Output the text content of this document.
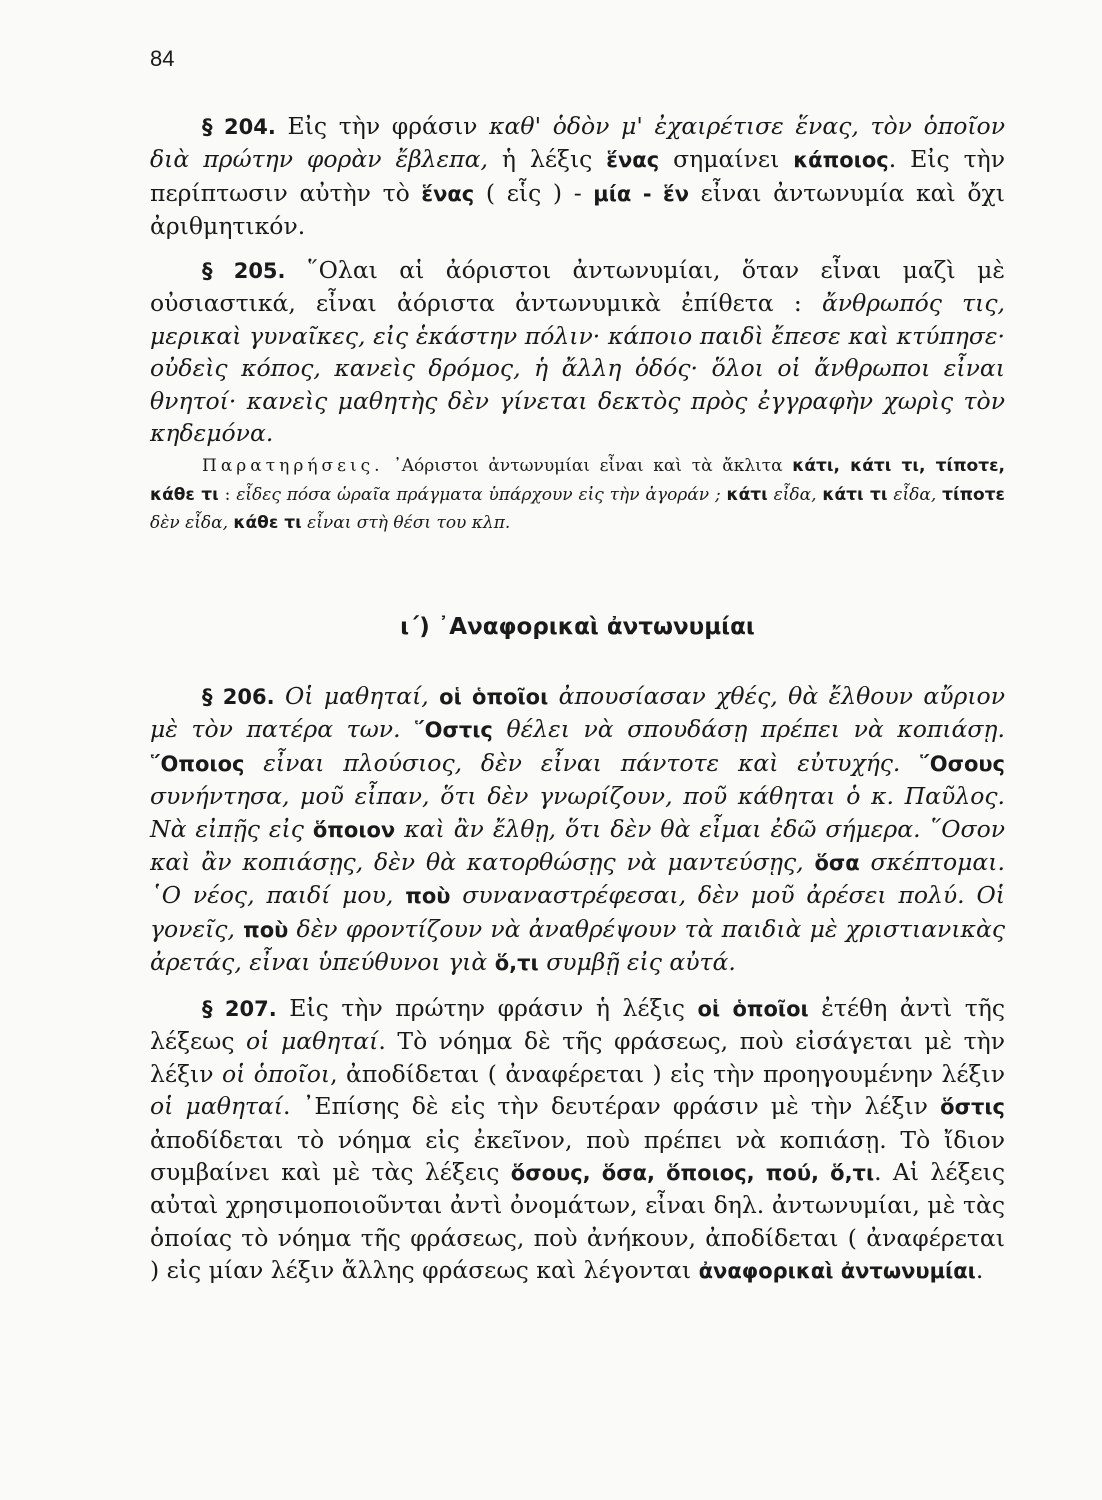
84

§ 204. Εἰς τὴν φράσιν καθ' ὁδὸν μ' ἐχαιρέτισε ἕνας, τὸν ὁποῖον διὰ πρώτην φορὰν ἔβλεπα, ἡ λέξις ἕνας σημαίνει κάποιος. Εἰς τὴν περίπτωσιν αὐτὴν τὸ ἕνας ( εἷς ) - μία - ἕν εἶναι ἀντωνυμία καὶ ὄχι ἀριθμητικόν.

§ 205. ῞Ολαι αἱ ἀόριστοι ἀντωνυμίαι, ὅταν εἶναι μαζὶ μὲ οὐσιαστικά, εἶναι ἀόριστα ἀντωνυμικὰ ἐπίθετα : ἄνθρωπός τις, μερικαὶ γυναῖκες, εἰς ἑκάστην πόλιν· κάποιο παιδὶ ἔπεσε καὶ κτύπησε· οὐδεὶς κόπος, κανεὶς δρόμος, ἡ ἄλλη ὁδός· ὅλοι οἱ ἄνθρωποι εἶναι θνητοί· κανεὶς μαθητὴς δὲν γίνεται δεκτὸς πρὸς ἐγγραφὴν χωρὶς τὸν κηδεμόνα.

Παρατηρήσεις. ᾿Αόριστοι ἀντωνυμίαι εἶναι καὶ τὰ ἄκλιτα κάτι, κάτι τι, τίποτε, κάθε τι : εἶδες πόσα ὡραῖα πράγματα ὑπάρχουν εἰς τὴν ἀγοράν ; κάτι εἶδα, κάτι τι εἶδα, τίποτε δὲν εἶδα, κάθε τι εἶναι στὴ θέσι του κλπ.

ι΄) ᾿Αναφορικαὶ ἀντωνυμίαι

§ 206. Οἱ μαθηταί, οἱ ὁποῖοι ἀπουσίασαν χθές, θὰ ἔλθουν αὔριον μὲ τὸν πατέρα των. ῞Οστις θέλει νὰ σπουδάσῃ πρέπει νὰ κοπιάσῃ. ῞Οποιος εἶναι πλούσιος, δὲν εἶναι πάντοτε καὶ εὐτυχής. ῞Οσους συνήντησα, μοῦ εἶπαν, ὅτι δὲν γνωρίζουν, ποῦ κάθηται ὁ κ. Παῦλος. Νὰ εἰπῇς εἰς ὅποιον καὶ ἂν ἔλθῃ, ὅτι δὲν θὰ εἶμαι ἐδῶ σήμερα. ῞Οσον καὶ ἂν κοπιάσῃς, δὲν θὰ κατορθώσῃς νὰ μαντεύσῃς, ὅσα σκέπτομαι. ῾Ο νέος, παιδί μου, ποὺ συναναστρέφεσαι, δὲν μοῦ ἀρέσει πολύ. Οἱ γονεῖς, ποὺ δὲν φροντίζουν νὰ ἀναθρέψουν τὰ παιδιὰ μὲ χριστιανικὰς ἀρετάς, εἶναι ὑπεύθυνοι γιὰ ὅ,τι συμβῇ εἰς αὐτά.

§ 207. Εἰς τὴν πρώτην φράσιν ἡ λέξις οἱ ὁποῖοι ἐτέθη ἀντὶ τῆς λέξεως οἱ μαθηταί. Τὸ νόημα δὲ τῆς φράσεως, ποὺ εἰσάγεται μὲ τὴν λέξιν οἱ ὁποῖοι, ἀποδίδεται ( ἀναφέρεται ) εἰς τὴν προηγουμένην λέξιν οἱ μαθηταί. ᾿Επίσης δὲ εἰς τὴν δευτέραν φράσιν μὲ τὴν λέξιν ὅστις ἀποδίδεται τὸ νόημα εἰς ἐκεῖνον, ποὺ πρέπει νὰ κοπιάσῃ. Τὸ ἴδιον συμβαίνει καὶ μὲ τὰς λέξεις ὅσους, ὅσα, ὅποιος, πού, ὅ,τι. Αἱ λέξεις αὐταὶ χρησιμοποιοῦνται ἀντὶ ὀνομάτων, εἶναι δηλ. ἀντωνυμίαι, μὲ τὰς ὁποίας τὸ νόημα τῆς φράσεως, ποὺ ἀνήκουν, ἀποδίδεται ( ἀναφέρεται ) εἰς μίαν λέξιν ἄλλης φράσεως καὶ λέγονται ἀναφορικαὶ ἀντωνυμίαι.
